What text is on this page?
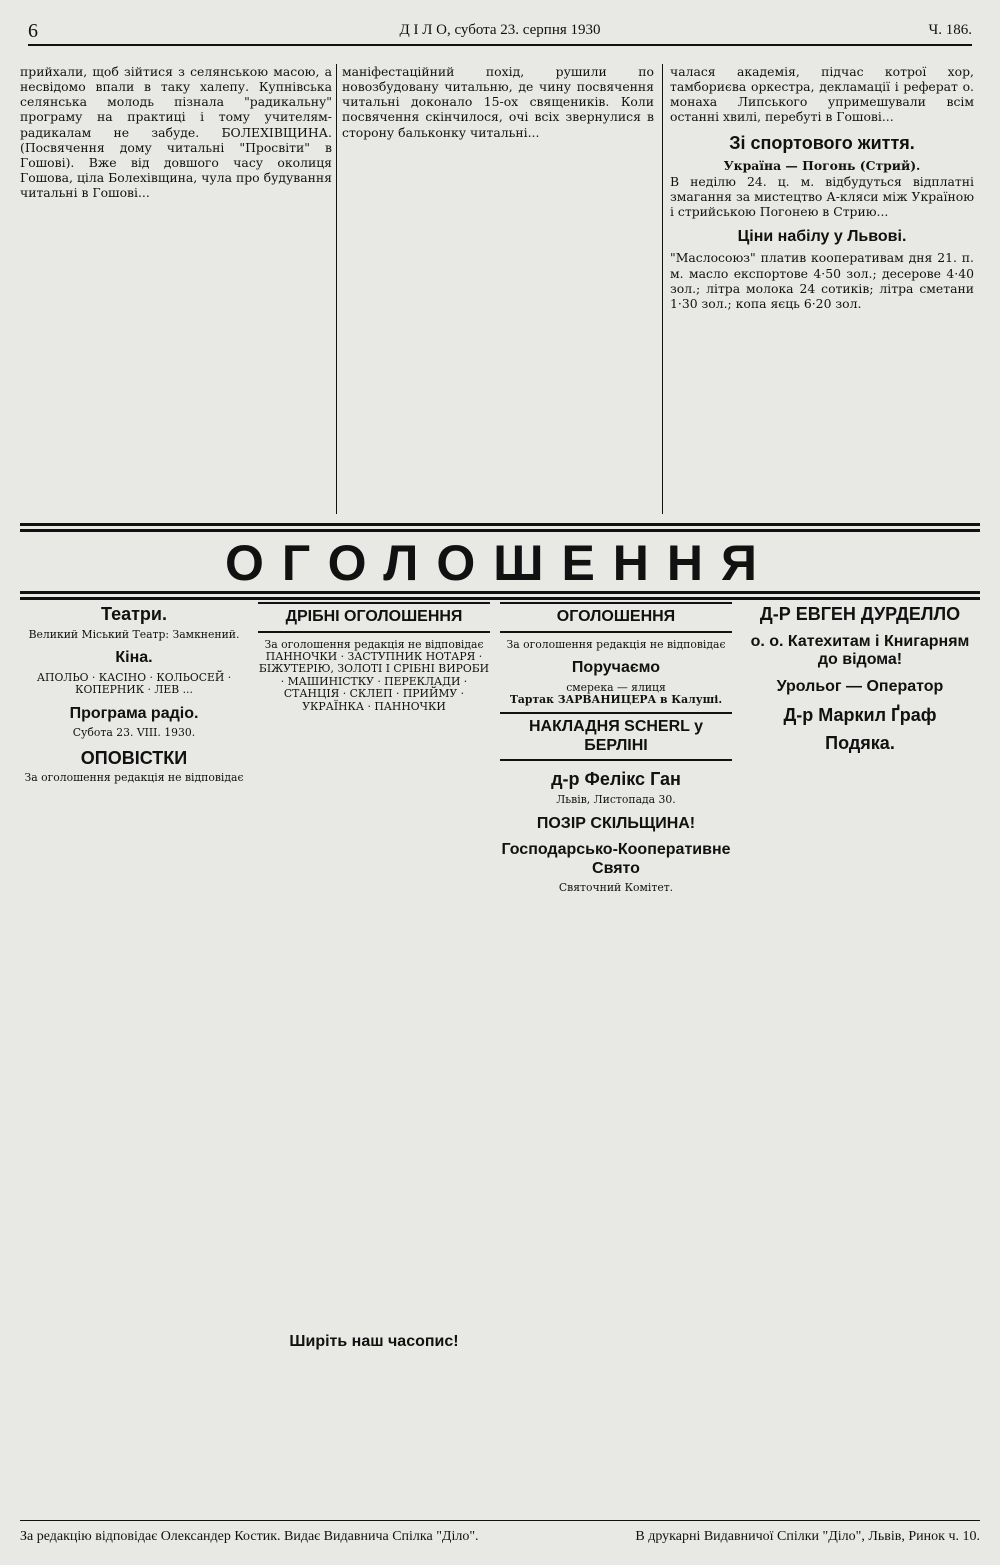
6	Д І Л О, субота 23. серпня 1930	Ч. 186.
прийхали, щоб зійтися з селянською масою, а несвідомо впали в таку халепу. Купнівська селянська молодь пізнала "радикальну" програму на практиці і тому учителям-радикалам не забуде. БОЛЕХІВЩИНА. (Посвячення дому читальні "Просвіти" в Гошові). Вже від довшого часу околиця Гошова, ціла Болехівщина, чула про будування читальні в Гошові...
маніфестаційний похід, рушили по новозбудовану читальню, де чину посвячення читальні доконало 15-ох священиків. Коли посвячення скінчилося, очі всіх звернулися в сторону бальконку читальні...
чалася академія, підчас котрої хор, тамбориєва оркестра, декламації і реферат о. монаха Липського упримешували всім останні хвилі, перебуті в Гошові...
Зі спортового життя.
Україна — Погонь (Стрий).
В неділю 24. ц. м. відбудуться відплатні змагання за мистецтво А-кляси між Україною і стрийською Погонею в Стрию...
Ціни набілу у Львові.
"Маслосоюз" платив кооперативам дня 21. п. м. масло експортове 4·50 зол.; десерове 4·40 зол.; літра молока 24 сотиків; літра сметани 1·30 зол.; копа яєць 6·20 зол.
ОГОЛОШЕННЯ
Театри.
Великий Міський Театр: Замкнений.
Кіна.
АПОЛЬО · КАСІНО · КОЛЬОСЕЙ · КОПЕРНИК · ЛЕВ ...
Програма радіо.
Субота 23. VIII. 1930.
ОПОВІСТКИ
За оголошення редакція не відповідає
ДРІБНІ ОГОЛОШЕННЯ
За оголошення редакція не відповідає
ПАННОЧКИ · ЗАСТУПНИК НОТАРЯ · БІЖУТЕРІЮ, ЗОЛОТІ І СРІБНІ ВИРОБИ · МАШИНІСТКУ · ПЕРЕКЛАДИ · СТАНЦІЯ · СКЛЕП · ПРИЙМУ · УКРАЇНКА · ПАННОЧКИ
Ширіть наш часопис!
ОГОЛОШЕННЯ
За оголошення редакція не відповідає
Поручаємо
смерека — ялиця
Тартак ЗАРВАНИЦЕРА в Калуші.
НАКЛАДНЯ SCHERL у БЕРЛІНІ
д-р Фелікс Ган
Львів, Листопада 30.
ПОЗІР СКІЛЬЩИНА!
Господарсько-Кооперативне Свято
Святочний Комітет.
Д-Р ЕВГЕН ДУРДЕЛЛО
о. о. Катехитам і Книгарням до відома!
Урольог — Оператор
Д-р Маркил Ґраф
Подяка.
За редакцію відповідає Олександер Костик. Видає Видавнича Спілка "Діло".	В друкарні Видавничої Спілки "Діло", Львів, Ринок ч. 10.
